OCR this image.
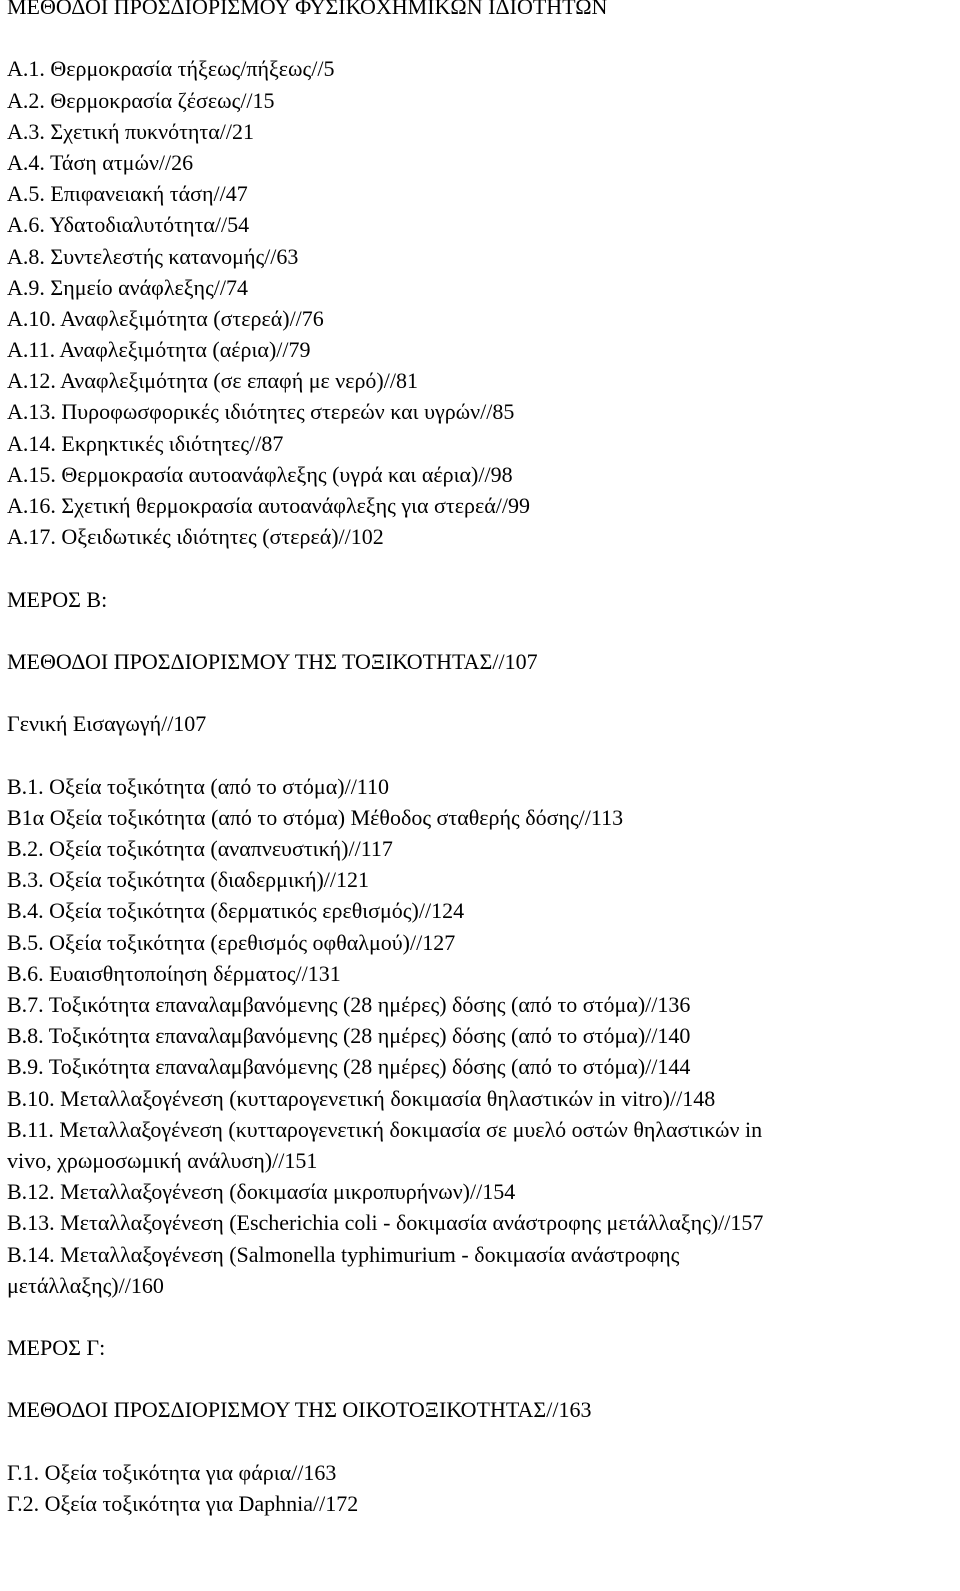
ΜΕΘΟΔΟΙ ΠΡΟΣΔΙΟΡΙΣΜΟΥ ΦΥΣΙΚΟΧΗΜΙΚΩΝ ΙΔΙΟΤΗΤΩΝ
Α.1. Θερμοκρασία τήξεως/πήξεως//5
Α.2. Θερμοκρασία ζέσεως//15
Α.3. Σχετική πυκνότητα//21
Α.4. Τάση ατμών//26
Α.5. Επιφανειακή τάση//47
Α.6. Υδατοδιαλυτότητα//54
Α.8. Συντελεστής κατανομής//63
Α.9. Σημείο ανάφλεξης//74
Α.10. Αναφλεξιμότητα (στερεά)//76
Α.11. Αναφλεξιμότητα (αέρια)//79
Α.12. Αναφλεξιμότητα (σε επαφή με νερό)//81
Α.13. Πυροφωσφορικές ιδιότητες στερεών και υγρών//85
Α.14. Εκρηκτικές ιδιότητες//87
Α.15. Θερμοκρασία αυτοανάφλεξης (υγρά και αέρια)//98
Α.16. Σχετική θερμοκρασία αυτοανάφλεξης για στερεά//99
Α.17. Οξειδωτικές ιδιότητες (στερεά)//102
ΜΕΡΟΣ Β:
ΜΕΘΟΔΟΙ ΠΡΟΣΔΙΟΡΙΣΜΟΥ ΤΗΣ ΤΟΞΙΚΟΤΗΤΑΣ//107
Γενική Εισαγωγή//107
Β.1. Οξεία τοξικότητα (από το στόμα)//110
Β1α Οξεία τοξικότητα (από το στόμα) Μέθοδος σταθερής δόσης//113
Β.2. Οξεία τοξικότητα (αναπνευστική)//117
Β.3. Οξεία τοξικότητα (διαδερμική)//121
Β.4. Οξεία τοξικότητα (δερματικός ερεθισμός)//124
Β.5. Οξεία τοξικότητα (ερεθισμός οφθαλμού)//127
Β.6. Ευαισθητοποίηση δέρματος//131
Β.7. Τοξικότητα επαναλαμβανόμενης (28 ημέρες) δόσης (από το στόμα)//136
Β.8. Τοξικότητα επαναλαμβανόμενης (28 ημέρες) δόσης (από το στόμα)//140
Β.9. Τοξικότητα επαναλαμβανόμενης (28 ημέρες) δόσης (από το στόμα)//144
Β.10. Μεταλλαξογένεση (κυτταρογενετική δοκιμασία θηλαστικών in vitro)//148
Β.11. Μεταλλαξογένεση (κυτταρογενετική δοκιμασία σε μυελό οστών θηλαστικών in
vivo, χρωμοσωμική ανάλυση)//151
Β.12. Μεταλλαξογένεση (δοκιμασία μικροπυρήνων)//154
Β.13. Μεταλλαξογένεση (Escherichia coli - δοκιμασία ανάστροφης μετάλλαξης)//157
Β.14. Μεταλλαξογένεση (Salmonella typhimurium - δοκιμασία ανάστροφης
μετάλλαξης)//160
ΜΕΡΟΣ Γ:
ΜΕΘΟΔΟΙ ΠΡΟΣΔΙΟΡΙΣΜΟΥ ΤΗΣ ΟΙΚΟΤΟΞΙΚΟΤΗΤΑΣ//163
Γ.1. Οξεία τοξικότητα για φάρια//163
Γ.2. Οξεία τοξικότητα για Daphnia//172
